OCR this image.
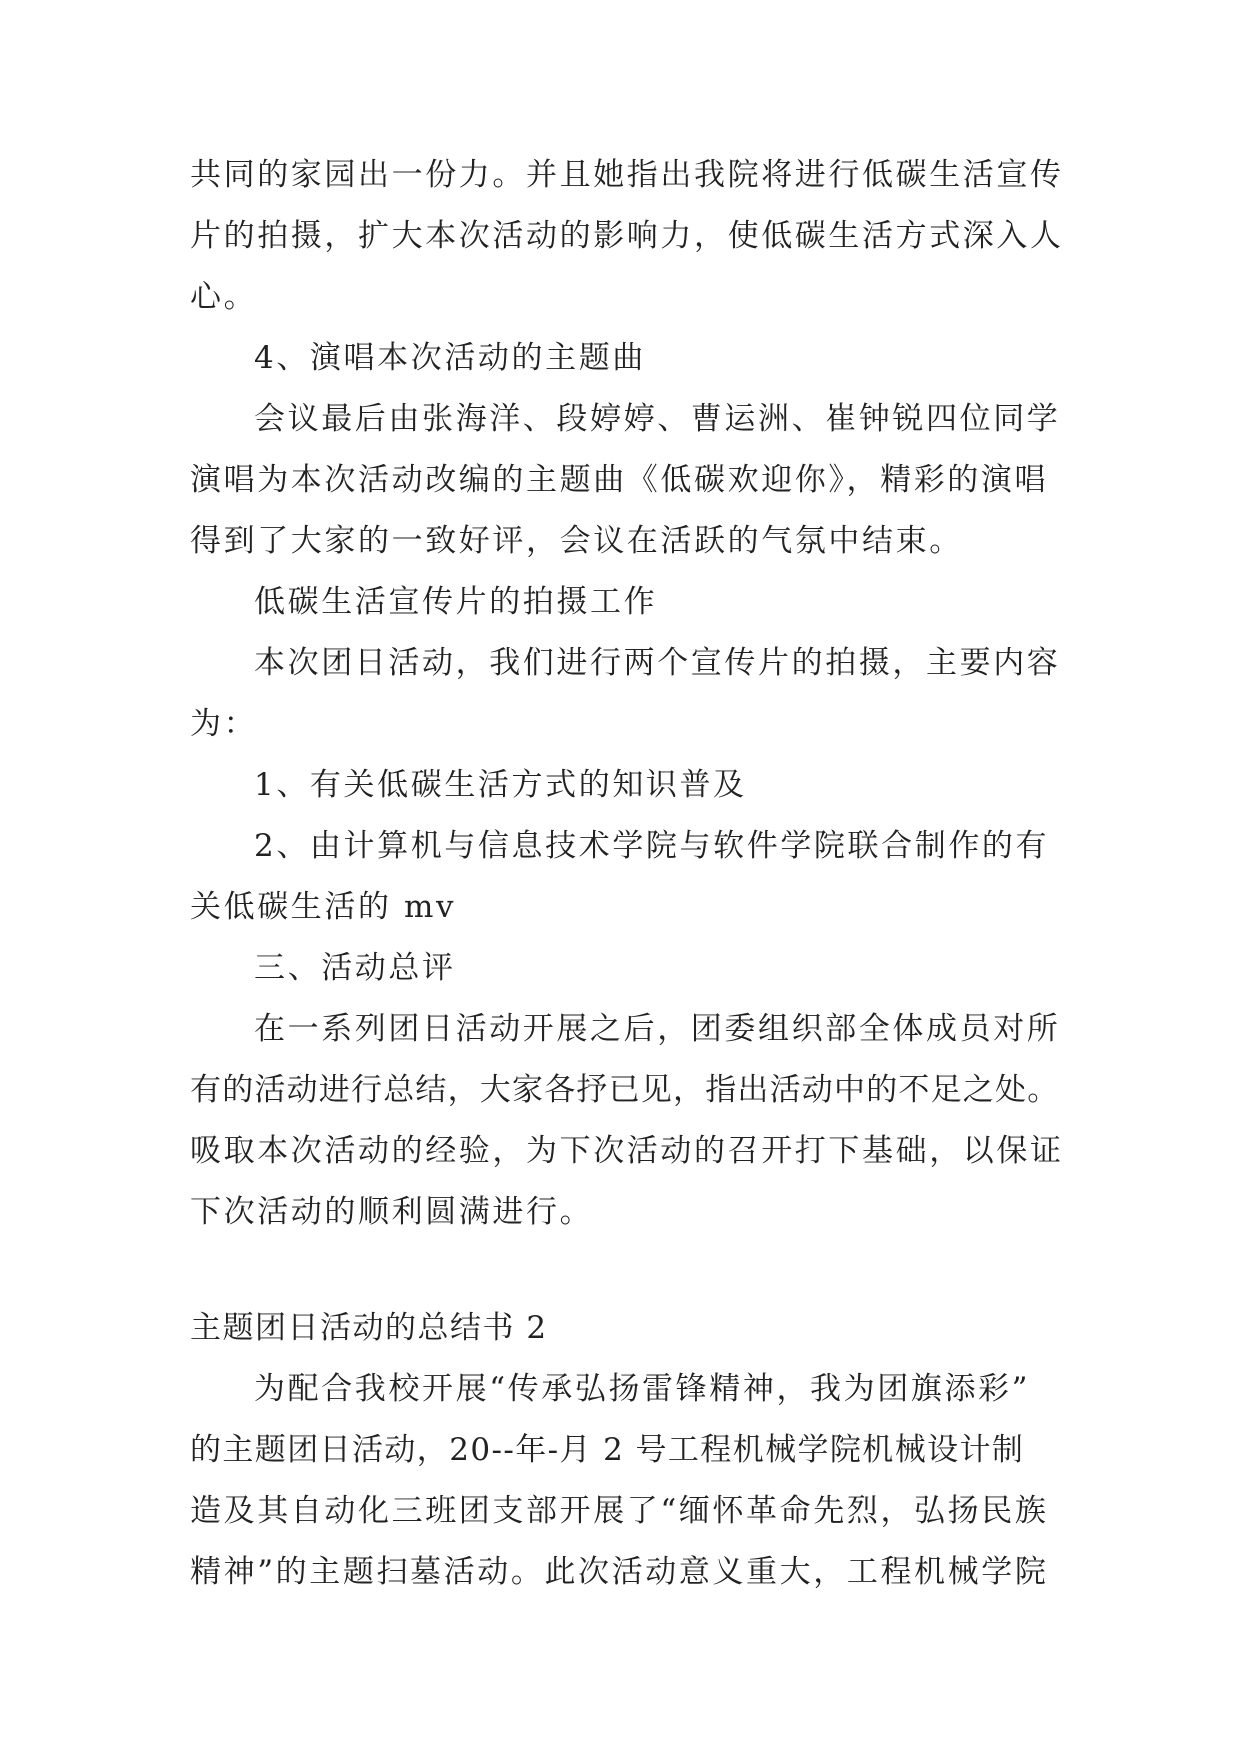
共同的家园出一份力。并且她指出我院将进行低碳生活宣传
片的拍摄，扩大本次活动的影响力，使低碳生活方式深入人
心。
4、演唱本次活动的主题曲
会议最后由张海洋、段婷婷、曹运洲、崔钟锐四位同学
演唱为本次活动改编的主题曲《低碳欢迎你》，精彩的演唱
得到了大家的一致好评，会议在活跃的气氛中结束。
低碳生活宣传片的拍摄工作
本次团日活动，我们进行两个宣传片的拍摄，主要内容
为：
1、有关低碳生活方式的知识普及
2、由计算机与信息技术学院与软件学院联合制作的有
关低碳生活的 mv
三、活动总评
在一系列团日活动开展之后，团委组织部全体成员对所
有的活动进行总结，大家各抒已见，指出活动中的不足之处。
吸取本次活动的经验，为下次活动的召开打下基础，以保证
下次活动的顺利圆满进行。
主题团日活动的总结书 2
为配合我校开展“传承弘扬雷锋精神，我为团旗添彩”
的主题团日活动，20--年-月 2 号工程机械学院机械设计制
造及其自动化三班团支部开展了“缅怀革命先烈，弘扬民族
精神”的主题扫墓活动。此次活动意义重大，工程机械学院
